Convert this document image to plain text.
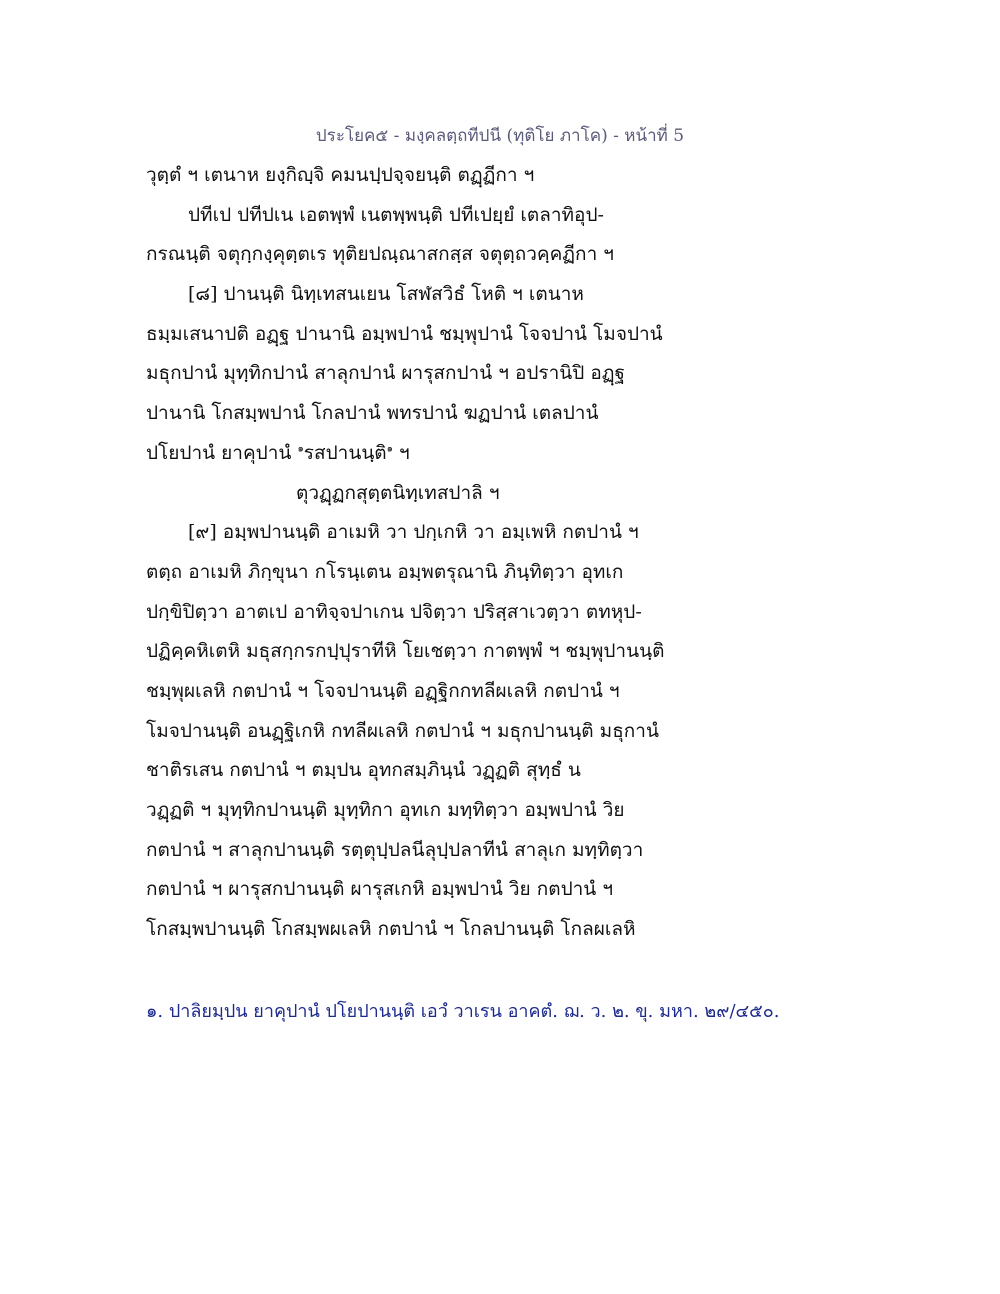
ประโยค๕ - มงฺคลตฺถทีปนี (ทุติโย ภาโค) - หน้าที่ 5
วุตฺตํ ฯ เตนาห ยงฺกิญฺจิ คมนปฺปจฺจยนฺติ ตฏฺฏีกา ฯ
ปทีเป ปทีปเน เอตพฺพํ เนตพฺพนฺติ ปทีเปยฺยํ เตลาทิอุป-
กรณนฺติ จตุกฺกงฺคุตฺตเร ทุติยปณฺณาสกสฺส จตุตฺถวคฺคฏีกา ฯ
[๘] ปานนฺติ นิทฺเทสนเยน โสฬสวิธํ โหติ ฯ เตนาห
ธมฺมเสนาปติ อฏฺฐ ปานานิ อมฺพปานํ ชมฺพุปานํ โจจปานํ โมจปานํ
มธุกปานํ มุทฺทิกปานํ สาลุกปานํ ผารุสกปานํ ฯ อปรานิปิ อฏฺฐ
ปานานิ โกสมฺพปานํ โกลปานํ พทรปานํ ฆฏปานํ เตลปานํ
ปโยปานํ ยาคุปานํ $^๑$รสปานนฺติ$^๑$ ฯ
ตุวฏฺฏกสุตฺตนิทฺเทสปาลิ ฯ
[๙] อมฺพปานนฺติ อาเมหิ วา ปกฺเกหิ วา อมฺเพหิ กตปานํ ฯ
ตตฺถ อาเมหิ ภิกฺขุนา กโรนฺเตน อมฺพตรุณานิ ภินฺทิตฺวา อุทเก
ปกฺขิปิตฺวา อาตเป อาทิจฺจปาเกน ปจิตฺวา ปริสฺสาเวตฺวา ตทหุป-
ปฏิคฺคหิเตหิ มธุสกฺกรกปฺปุราทีหิ โยเชตฺวา กาตพฺพํ ฯ ชมฺพุปานนฺติ
ชมฺพุผเลหิ กตปานํ ฯ โจจปานนฺติ อฏฺฐิกกทลีผเลหิ กตปานํ ฯ
โมจปานนฺติ อนฏฺฐิเกหิ กทลีผเลหิ กตปานํ ฯ มธุกปานนฺติ มธุกานํ
ชาติรเสน กตปานํ ฯ ตมฺปน อุทกสมฺภินฺนํ วฏฺฏติ สุทฺธํ น
วฏฺฏติ ฯ มุทฺทิกปานนฺติ มุทฺทิกา อุทเก มทฺทิตฺวา อมฺพปานํ วิย
กตปานํ ฯ สาลุกปานนฺติ รตฺตุปฺปลนีลุปฺปลาทีนํ สาลุเก มทฺทิตฺวา
กตปานํ ฯ ผารุสกปานนฺติ ผารุสเกหิ อมฺพปานํ วิย กตปานํ ฯ
โกสมฺพปานนฺติ โกสมฺพผเลหิ กตปานํ ฯ โกลปานนฺติ โกลผเลหิ
๑. ปาลิยมฺปน ยาคุปานํ ปโยปานนฺติ เอวํ วาเรน อาคตํ. ฌ. ว. ๒. ขุ. มหา. ๒๙/๔๕๐.
